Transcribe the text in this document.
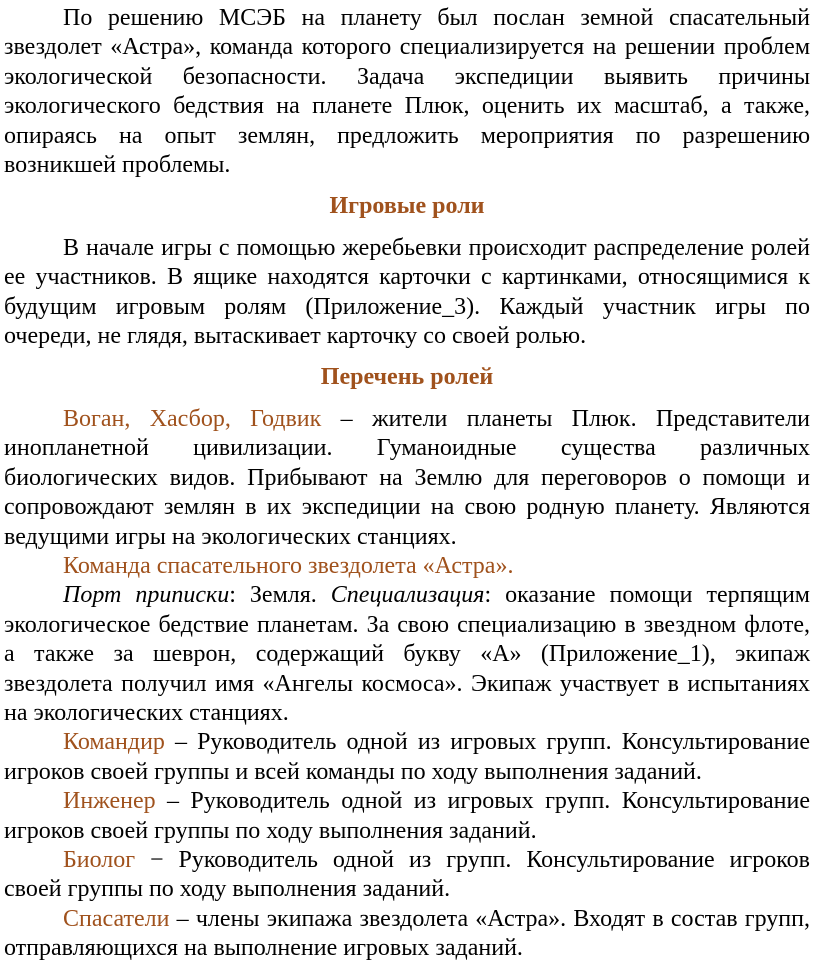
По решению МСЭБ на планету был послан земной спасательный звездолет «Астра», команда которого специализируется на решении проблем экологической безопасности. Задача экспедиции выявить причины экологического бедствия на планете Плюк, оценить их масштаб, а также, опираясь на опыт землян, предложить мероприятия по разрешению возникшей проблемы.

Игровые роли

В начале игры с помощью жеребьевки происходит распределение ролей ее участников. В ящике находятся карточки с картинками, относящимися к будущим игровым ролям (Приложение_3). Каждый участник игры по очереди, не глядя, вытаскивает карточку со своей ролью.

Перечень ролей

Воган, Хасбор, Годвик – жители планеты Плюк. Представители инопланетной цивилизации. Гуманоидные существа различных биологических видов. Прибывают на Землю для переговоров о помощи и сопровождают землян в их экспедиции на свою родную планету. Являются ведущими игры на экологических станциях.

Команда спасательного звездолета «Астра».

Порт приписки: Земля. Специализация: оказание помощи терпящим экологическое бедствие планетам. За свою специализацию в звездном флоте, а также за шеврон, содержащий букву «А» (Приложение_1), экипаж звездолета получил имя «Ангелы космоса». Экипаж участвует в испытаниях на экологических станциях.

Командир – Руководитель одной из игровых групп. Консультирование игроков своей группы и всей команды по ходу выполнения заданий.

Инженер – Руководитель одной из игровых групп. Консультирование игроков своей группы по ходу выполнения заданий.

Биолог − Руководитель одной из групп. Консультирование игроков своей группы по ходу выполнения заданий.

Спасатели – члены экипажа звездолета «Астра». Входят в состав групп, отправляющихся на выполнение игровых заданий.
